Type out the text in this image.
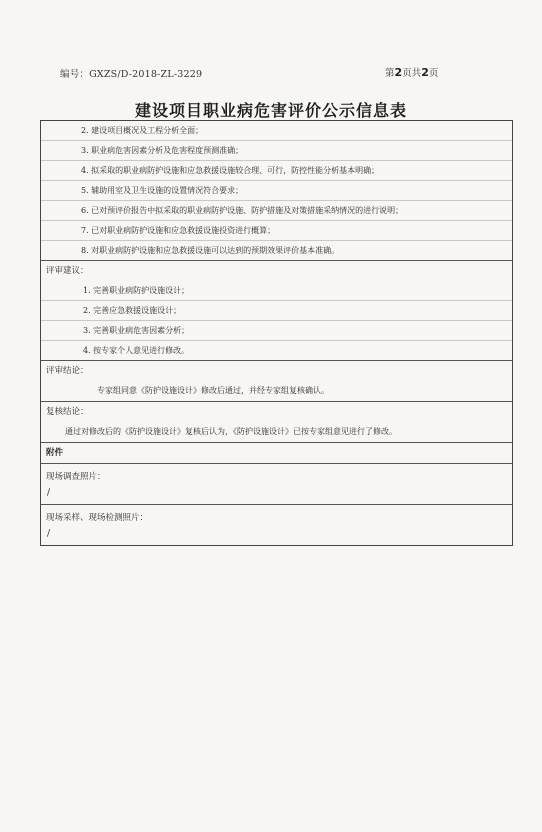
编号：GXZS/D-2018-ZL-3229	第2页共2页
建设项目职业病危害评价公示信息表
2. 建设项目概况及工程分析全面；
3. 职业病危害因素分析及危害程度预测准确；
4. 拟采取的职业病防护设施和应急救援设施较合理、可行，防控性能分析基本明确；
5. 辅助用室及卫生设施的设置情况符合要求；
6. 已对预评价报告中拟采取的职业病防护设施、防护措施及对策措施采纳情况的进行说明；
7. 已对职业病防护设施和应急救援设施投资进行概算；
8. 对职业病防护设施和应急救援设施可以达到的预期效果评价基本准确。
评审建议：
1. 完善职业病防护设施设计；
2. 完善应急救援设施设计；
3. 完善职业病危害因素分析；
4. 按专家个人意见进行修改。
评审结论：
专家组同意《防护设施设计》修改后通过，并经专家组复核确认。
复核结论：
通过对修改后的《防护设施设计》复核后认为，《防护设施设计》已按专家组意见进行了修改。
附件
现场调查照片：
/
现场采样、现场检测照片：
/
